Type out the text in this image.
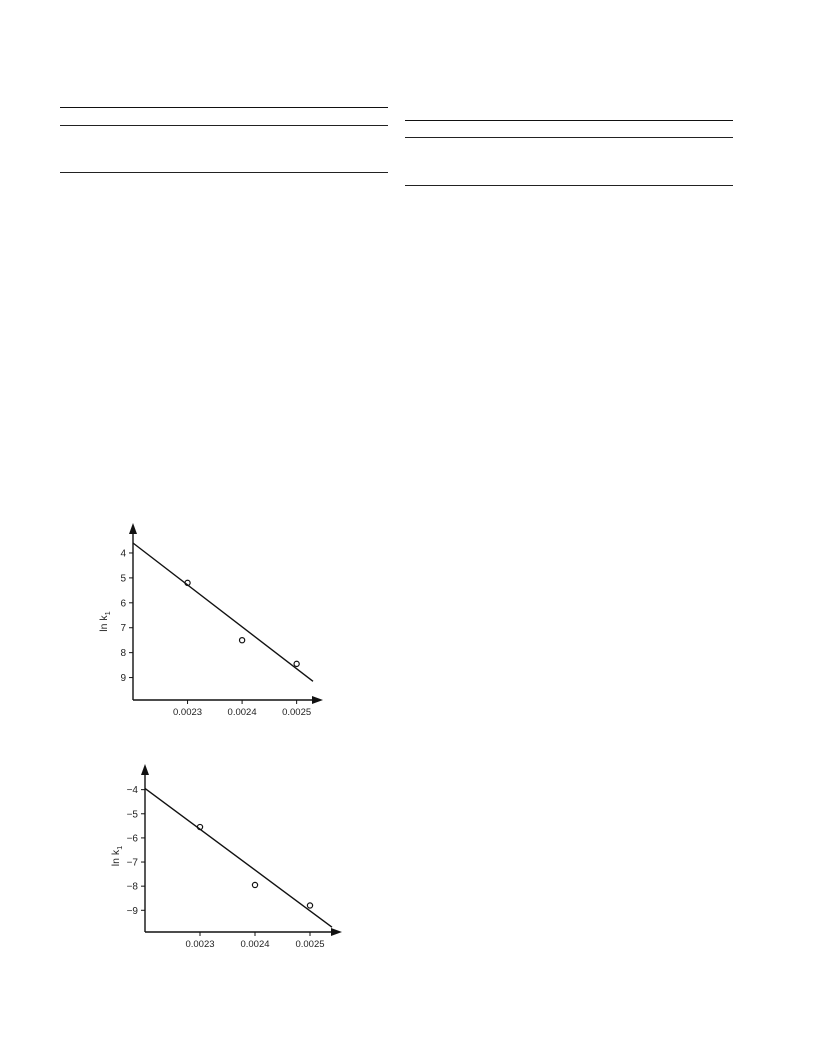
4
5
6
7
8
9
0.0023	0.0024	0.0025
$\ln k_1$
−4
−5
−6
−7
−8
−9
0.0023	0.0024	0.0025
$\ln k_1$
